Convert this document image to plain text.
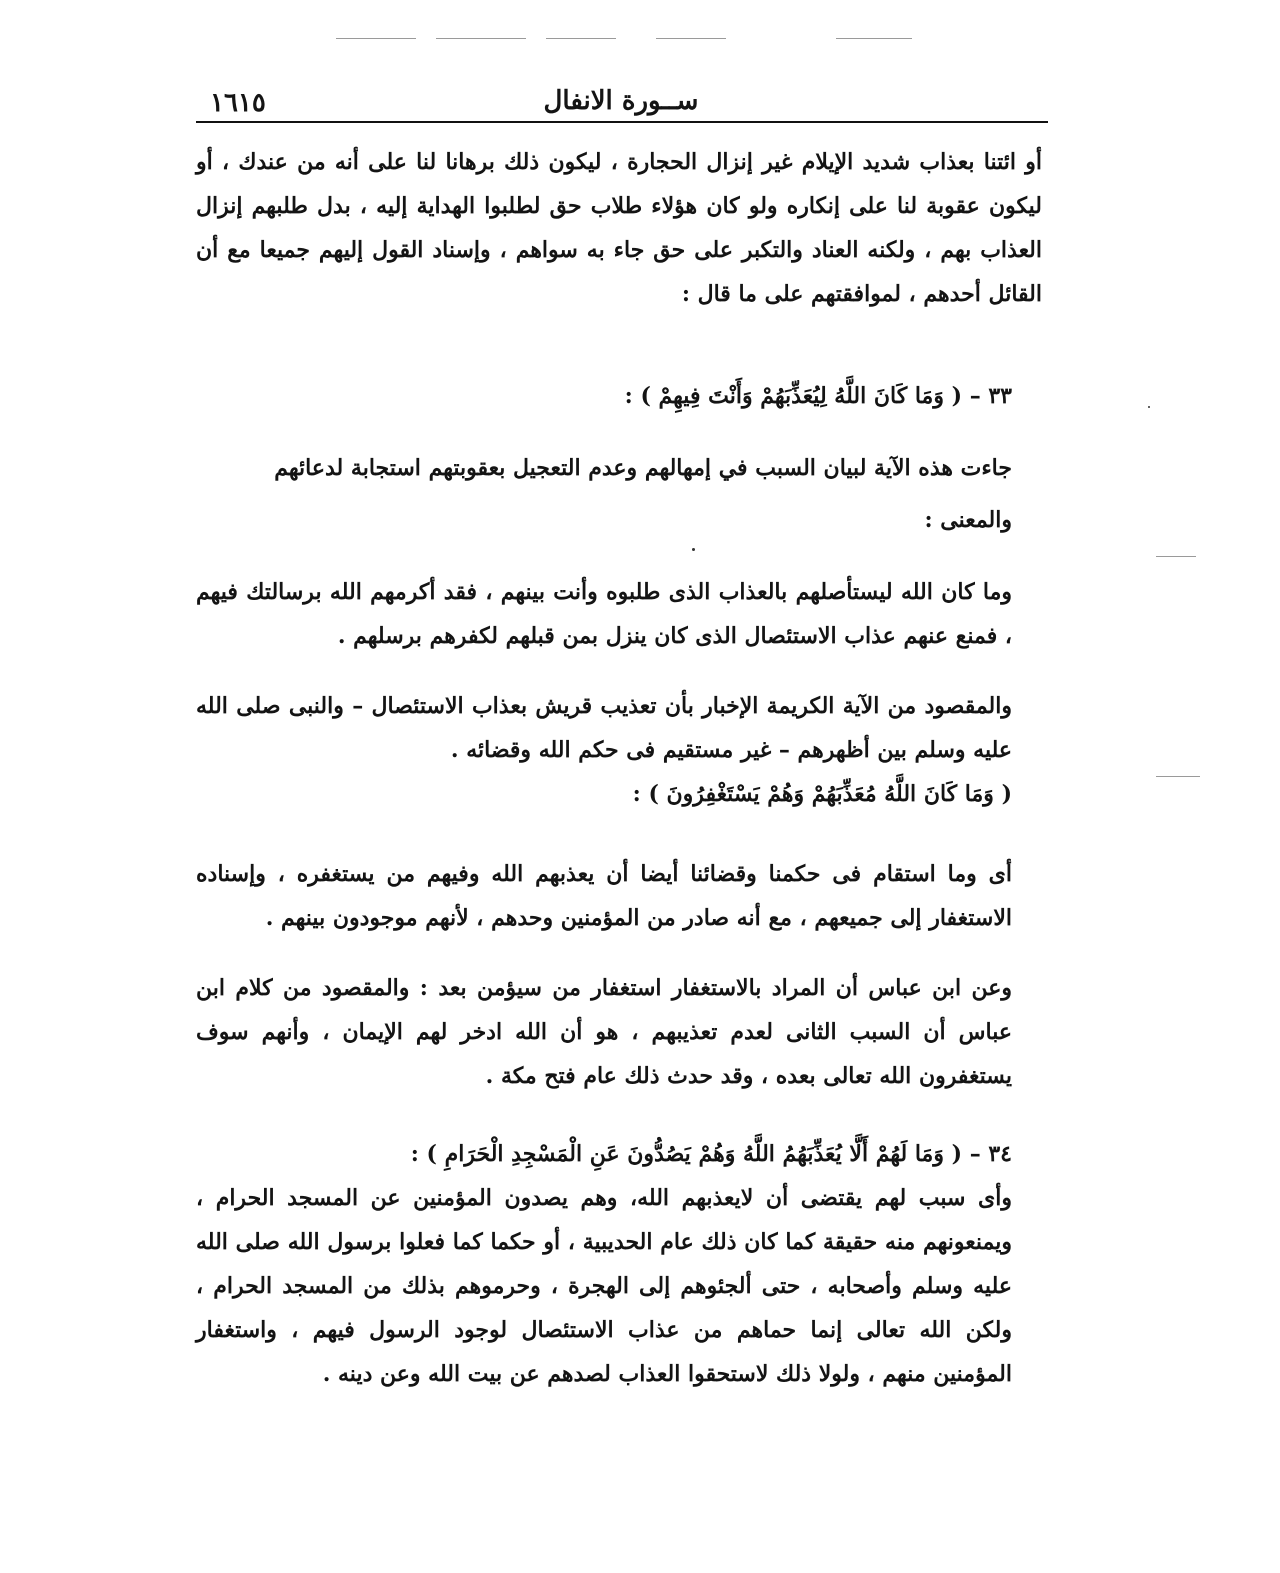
١٦١٥	ســورة الانفال

أو ائتنا بعذاب شديد الإيلام غير إنزال الحجارة ، ليكون ذلك برهانا لنا على أنه من عندك ، أو ليكون عقوبة لنا على إنكاره ولو كان هؤلاء طلاب حق لطلبوا الهداية إليه ، بدل طلبهم إنزال العذاب بهم ، ولكنه العناد والتكبر على حق جاء به سواهم ، وإسناد القول إليهم جميعا مع أن القائل أحدهم ، لموافقتهم على ما قال :

٣٣ – ( وَمَا كَانَ اللَّهُ لِيُعَذِّبَهُمْ وَأَنْتَ فِيهِمْ ) :

جاءت هذه الآية لبيان السبب في إمهالهم وعدم التعجيل بعقوبتهم استجابة لدعائهم

والمعنى :

وما كان الله ليستأصلهم بالعذاب الذى طلبوه وأنت بينهم ، فقد أكرمهم الله برسالتك فيهم ، فمنع عنهم عذاب الاستئصال الذى كان ينزل بمن قبلهم لكفرهم برسلهم .

والمقصود من الآية الكريمة الإخبار بأن تعذيب قريش بعذاب الاستئصال – والنبى صلى الله عليه وسلم بين أظهرهم – غير مستقيم فى حكم الله وقضائه .

( وَمَا كَانَ اللَّهُ مُعَذِّبَهُمْ وَهُمْ يَسْتَغْفِرُونَ ) :

أى وما استقام فى حكمنا وقضائنا أيضا أن يعذبهم الله وفيهم من يستغفره ، وإسناده الاستغفار إلى جميعهم ، مع أنه صادر من المؤمنين وحدهم ، لأنهم موجودون بينهم .

وعن ابن عباس أن المراد بالاستغفار استغفار من سيؤمن بعد : والمقصود من كلام ابن عباس أن السبب الثانى لعدم تعذيبهم ، هو أن الله ادخر لهم الإيمان ، وأنهم سوف يستغفرون الله تعالى بعده ، وقد حدث ذلك عام فتح مكة .

٣٤ – ( وَمَا لَهُمْ أَلَّا يُعَذِّبَهُمُ اللَّهُ وَهُمْ يَصُدُّونَ عَنِ الْمَسْجِدِ الْحَرَامِ ) :

وأى سبب لهم يقتضى أن لايعذبهم الله، وهم يصدون المؤمنين عن المسجد الحرام ، ويمنعونهم منه حقيقة كما كان ذلك عام الحديبية ، أو حكما كما فعلوا برسول الله صلى الله عليه وسلم وأصحابه ، حتى ألجئوهم إلى الهجرة ، وحرموهم بذلك من المسجد الحرام ، ولكن الله تعالى إنما حماهم من عذاب الاستئصال لوجود الرسول فيهم ، واستغفار المؤمنين منهم ، ولولا ذلك لاستحقوا العذاب لصدهم عن بيت الله وعن دينه .
